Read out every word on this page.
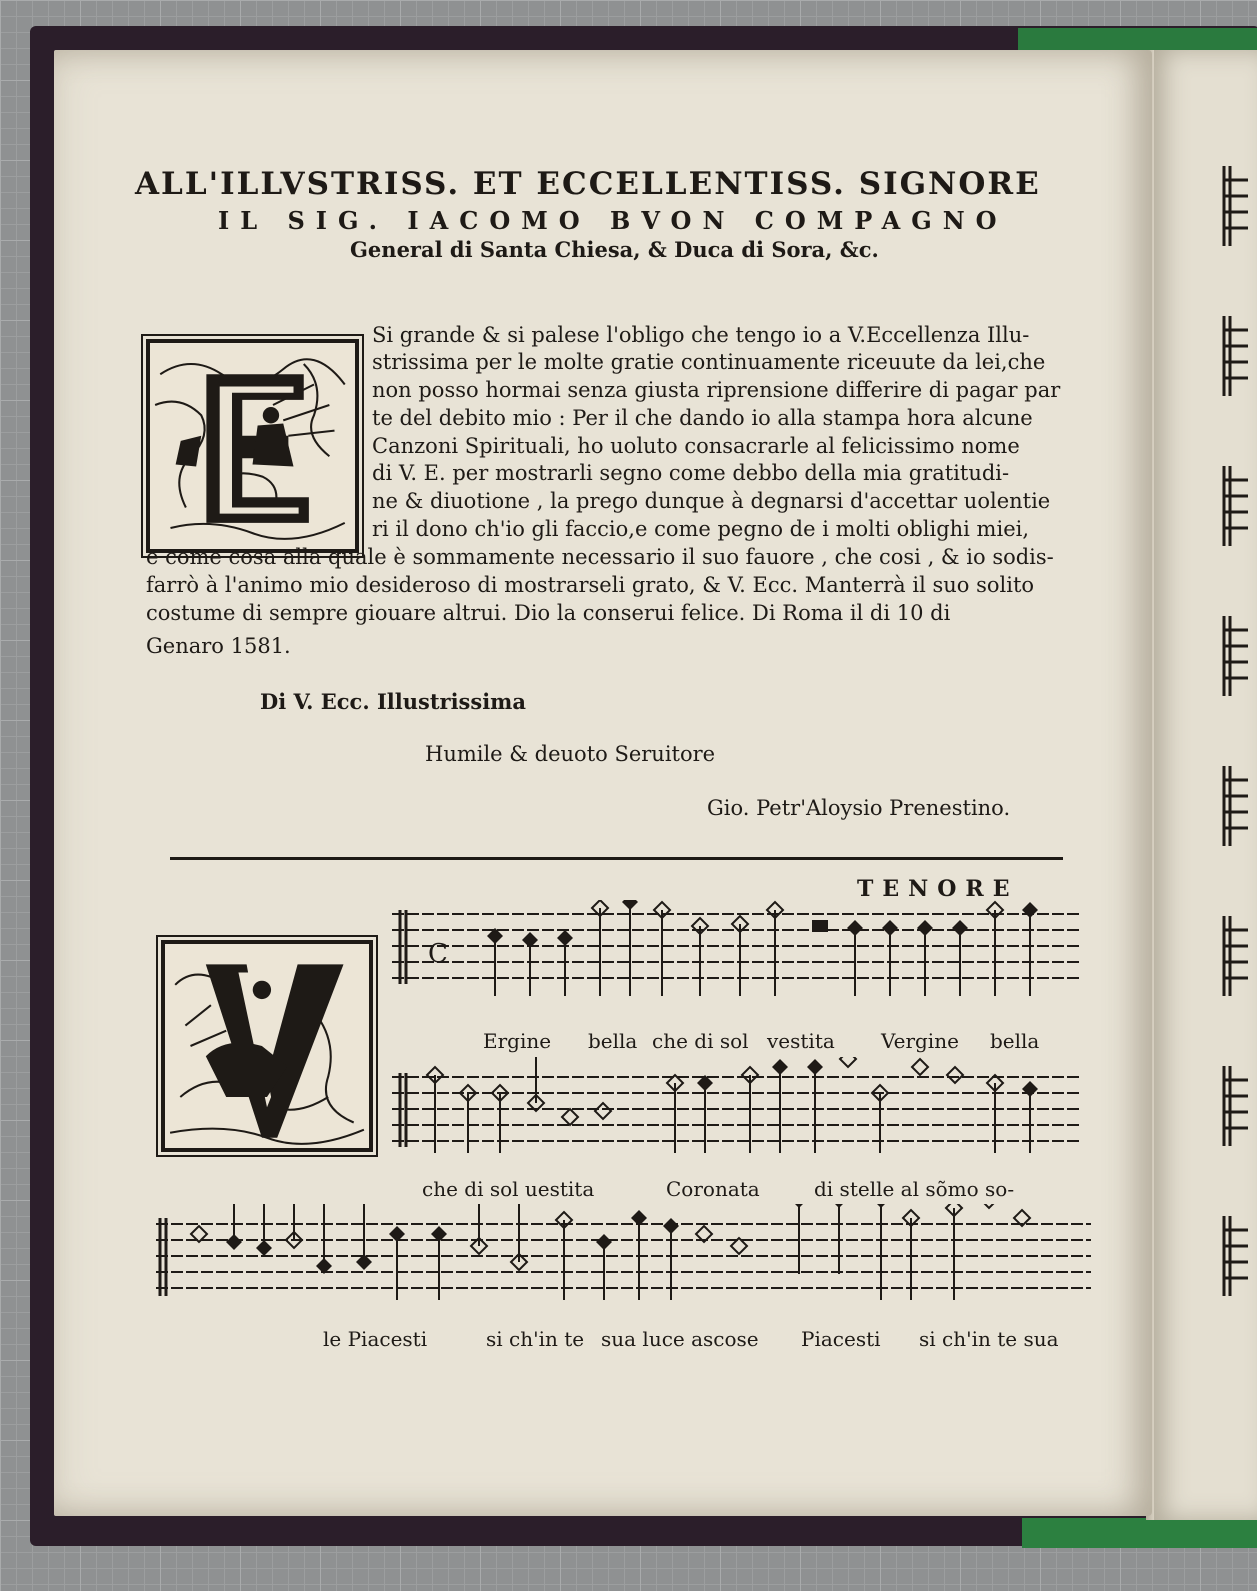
ALL'ILLVSTRISS. ET ECCELLENTISS. SIGNORE
IL SIG. IACOMO BVON COMPAGNO
General di Santa Chiesa, & Duca di Sora, &c.
Si grande & si palese l'obligo che tengo io a V.Eccellenza Illu-
strissima per le molte gratie continuamente riceuute da lei,che
non posso hormai senza giusta riprensione differire di pagar par
te del debito mio : Per il che dando io alla stampa hora alcune
Canzoni Spirituali, ho uoluto consacrarle al felicissimo nome
di V. E. per mostrarli segno come debbo della mia gratitudi-
ne & diuotione , la prego dunque à degnarsi d'accettar uolentie
ri il dono ch'io gli faccio,e come pegno de i molti oblighi miei,
e come cosa alla quale è sommamente necessario il suo fauore , che cosi , & io sodis-
farrò à l'animo mio desideroso di mostrarseli grato, & V. Ecc. Manterrà il suo solito
costume di sempre giouare altrui. Dio la conserui felice. Di Roma il di 10 di
Genaro 1581.
Di V. Ecc. Illustrissima
Humile & deuoto Seruitore
Gio. Petr'Aloysio Prenestino.
TENORE
C
Ergine bella che di sol vestita Vergine bella
che di sol uestita	Coronata	di stelle al sõmo so-
le Piacesti	si ch'in te sua luce ascose Piacesti si ch'in te sua
